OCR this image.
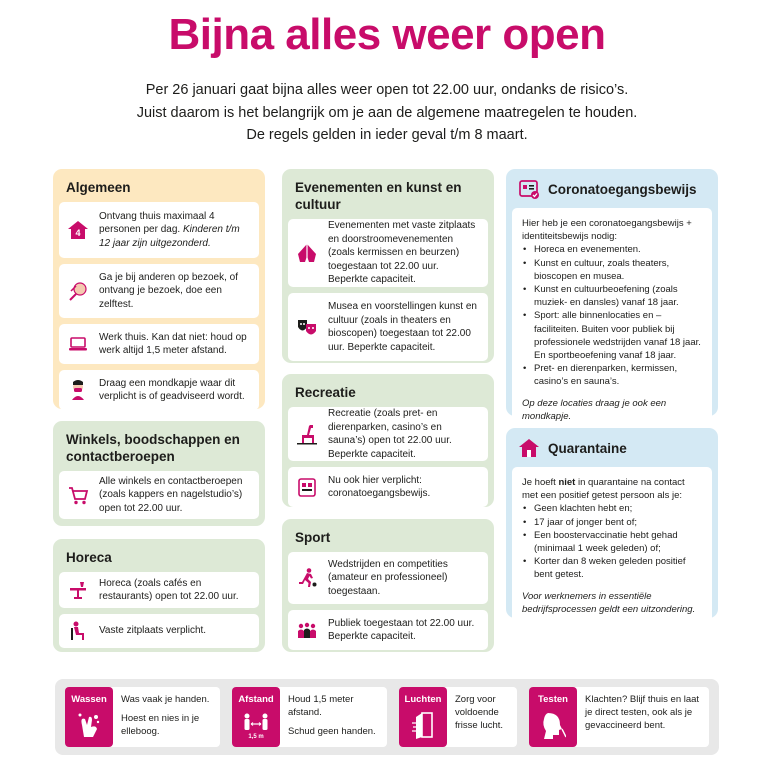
Bijna alles weer open
Per 26 januari gaat bijna alles weer open tot 22.00 uur, ondanks de risico’s.
Juist daarom is het belangrijk om je aan de algemene maatregelen te houden.
De regels gelden in ieder geval t/m 8 maart.
Algemeen
4
Ontvang thuis maximaal 4 personen per dag. Kinderen t/m 12 jaar zijn uitgezonderd.
Ga je bij anderen op bezoek, of ontvang je bezoek, doe een zelftest.
Werk thuis. Kan dat niet: houd op werk altijd 1,5 meter afstand.
Draag een mondkapje waar dit verplicht is of geadviseerd wordt.
Winkels, boodschappen en contactberoepen
Alle winkels en contactberoepen (zoals kappers en nagelstudio’s) open tot 22.00 uur.
Horeca
Horeca (zoals cafés en restaurants) open tot 22.00 uur.
Vaste zitplaats verplicht.
Evenementen en kunst en cultuur
Evenementen met vaste zitplaats en doorstroomevenementen (zoals kermissen en beurzen) toegestaan tot 22.00 uur. Beperkte capaciteit.
Musea en voorstellingen kunst en cultuur (zoals in theaters en bioscopen) toegestaan tot 22.00 uur. Beperkte capaciteit.
Recreatie
Recreatie (zoals pret- en dierenparken, casino’s en sauna’s) open tot 22.00 uur. Beperkte capaciteit.
Nu ook hier verplicht: coronatoegangsbewijs.
Sport
Wedstrijden en competities (amateur en professioneel) toegestaan.
Publiek toegestaan tot 22.00 uur. Beperkte capaciteit.
Coronatoegangsbewijs
Hier heb je een coronatoegangsbewijs + identiteitsbewijs nodig:
• Horeca en evenementen.
• Kunst en cultuur, zoals theaters, bioscopen en musea.
• Kunst en cultuurbeoefening (zoals muziek- en dansles) vanaf 18 jaar.
• Sport: alle binnenlocaties en –faciliteiten. Buiten voor publiek bij professionele wedstrijden vanaf 18 jaar. En sportbeoefening vanaf 18 jaar.
• Pret- en dierenparken, kermissen, casino’s en sauna’s.
Op deze locaties draag je ook een mondkapje.
Quarantaine
Je hoeft niet in quarantaine na contact met een positief getest persoon als je:
• Geen klachten hebt en;
• 17 jaar of jonger bent of;
• Een boostervaccinatie hebt gehad (minimaal 1 week geleden) of;
• Korter dan 8 weken geleden positief bent getest.
Voor werknemers in essentiële bedrijfsprocessen geldt een uitzondering.
Wassen	Was vaak je handen.

Hoest en nies in je elleboog.

Afstand
1,5 m

Houd 1,5 meter afstand.

Schud geen handen.

Luchten	Zorg voor voldoende frisse lucht.

Testen	Klachten? Blijf thuis en laat je direct testen, ook als je gevaccineerd bent.
